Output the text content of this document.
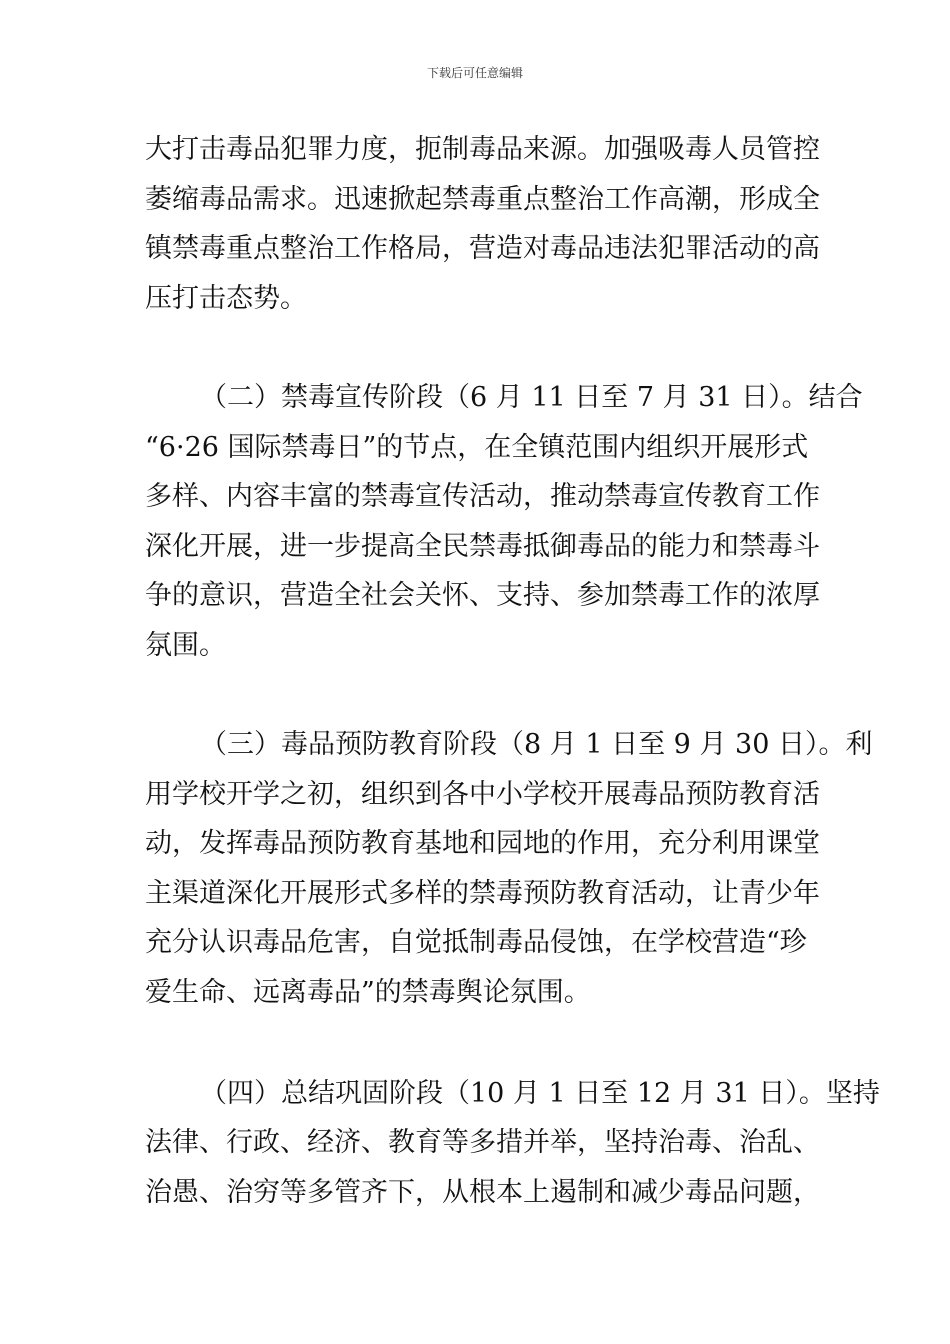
下载后可任意编辑
大打击毒品犯罪力度，扼制毒品来源。加强吸毒人员管控
萎缩毒品需求。迅速掀起禁毒重点整治工作高潮，形成全
镇禁毒重点整治工作格局，营造对毒品违法犯罪活动的高
压打击态势。
（二）禁毒宣传阶段（6 月 11 日至 7 月 31 日）。结合
“6·26 国际禁毒日”的节点，在全镇范围内组织开展形式
多样、内容丰富的禁毒宣传活动，推动禁毒宣传教育工作
深化开展，进一步提高全民禁毒抵御毒品的能力和禁毒斗
争的意识，营造全社会关怀、支持、参加禁毒工作的浓厚
氛围。
（三）毒品预防教育阶段（8 月 1 日至 9 月 30 日）。利
用学校开学之初，组织到各中小学校开展毒品预防教育活
动，发挥毒品预防教育基地和园地的作用，充分利用课堂
主渠道深化开展形式多样的禁毒预防教育活动，让青少年
充分认识毒品危害，自觉抵制毒品侵蚀，在学校营造“珍
爱生命、远离毒品”的禁毒舆论氛围。
（四）总结巩固阶段（10 月 1 日至 12 月 31 日）。坚持
法律、行政、经济、教育等多措并举，坚持治毒、治乱、
治愚、治穷等多管齐下，从根本上遏制和减少毒品问题，
